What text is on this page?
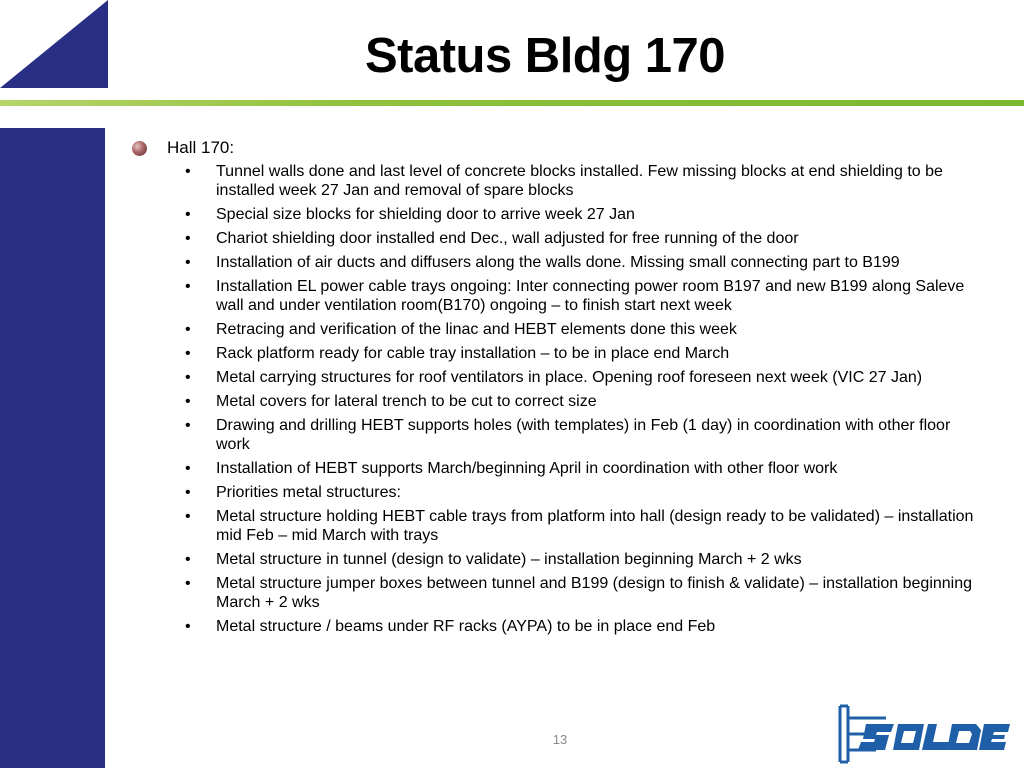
Status Bldg 170
Hall 170:
• Tunnel walls done and last level of concrete blocks installed. Few missing blocks at end shielding to be installed week 27 Jan and removal of spare blocks
• Special size blocks for shielding door to arrive week 27 Jan
• Chariot shielding door installed end Dec., wall adjusted for free running of the door
• Installation of air ducts and diffusers along the walls done. Missing small connecting part to B199
• Installation EL power cable trays ongoing: Inter connecting power room B197 and new B199 along Saleve wall and under ventilation room(B170) ongoing – to finish start next week
• Retracing and verification of the linac and HEBT elements done this week
• Rack platform ready for cable tray installation – to be in place end March
• Metal carrying structures for roof ventilators in place. Opening roof foreseen next week (VIC 27 Jan)
• Metal covers for lateral trench to be cut to correct size
• Drawing and drilling HEBT supports holes (with templates) in Feb (1 day) in coordination with other floor work
• Installation of HEBT supports March/beginning April in coordination with other floor work
• Priorities metal structures:
• Metal structure holding HEBT cable trays from platform into hall (design ready to be validated) – installation mid Feb – mid March with trays
• Metal structure in tunnel (design to validate) – installation beginning March + 2 wks
• Metal structure jumper boxes between tunnel and B199 (design to finish & validate) – installation beginning March + 2 wks
• Metal structure / beams under RF racks (AYPA) to be in place end Feb
13
